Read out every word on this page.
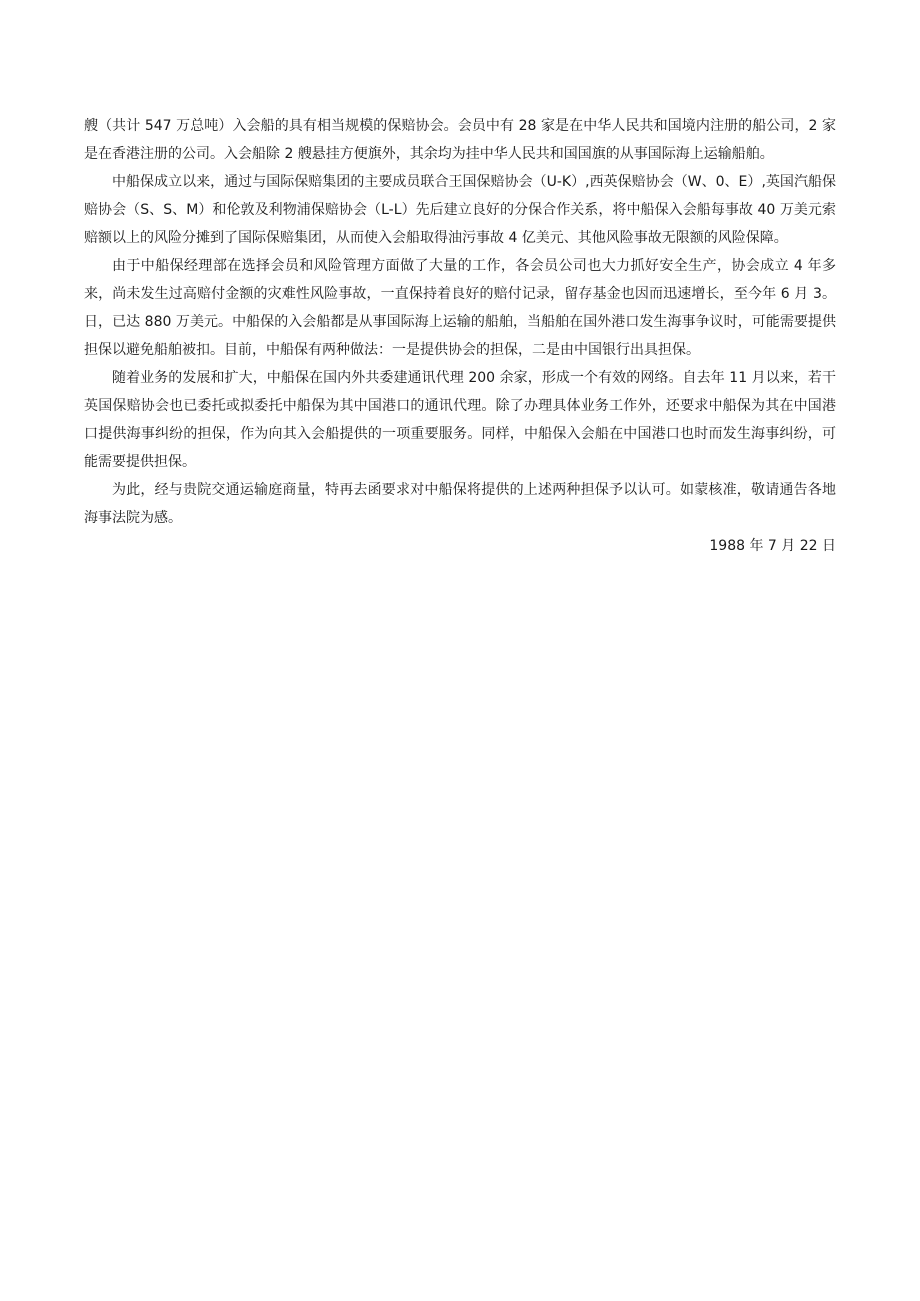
艘（共计 547 万总吨）入会船的具有相当规模的保赔协会。会员中有 28 家是在中华人民共和国境内注册的船公司，2 家是在香港注册的公司。入会船除 2 艘悬挂方便旗外，其余均为挂中华人民共和国国旗的从事国际海上运输船舶。

中船保成立以来，通过与国际保赔集团的主要成员联合王国保赔协会（U-K）,西英保赔协会（W、0、E）,英国汽船保赔协会（S、S、M）和伦敦及利物浦保赔协会（L-L）先后建立良好的分保合作关系，将中船保入会船每事故 40 万美元索赔额以上的风险分摊到了国际保赔集团，从而使入会船取得油污事故 4 亿美元、其他风险事故无限额的风险保障。

由于中船保经理部在选择会员和风险管理方面做了大量的工作，各会员公司也大力抓好安全生产，协会成立 4 年多来，尚未发生过高赔付金额的灾难性风险事故，一直保持着良好的赔付记录，留存基金也因而迅速增长，至今年 6 月 3。日，已达 880 万美元。中船保的入会船都是从事国际海上运输的船舶，当船舶在国外港口发生海事争议时，可能需要提供担保以避免船舶被扣。目前，中船保有两种做法：一是提供协会的担保，二是由中国银行出具担保。

随着业务的发展和扩大，中船保在国内外共委建通讯代理 200 余家，形成一个有效的网络。自去年 11 月以来，若干英国保赔协会也已委托或拟委托中船保为其中国港口的通讯代理。除了办理具体业务工作外，还要求中船保为其在中国港口提供海事纠纷的担保，作为向其入会船提供的一项重要服务。同样，中船保入会船在中国港口也时而发生海事纠纷，可能需要提供担保。

为此，经与贵院交通运输庭商量，特再去函要求对中船保将提供的上述两种担保予以认可。如蒙核准，敬请通告各地海事法院为感。

1988 年 7 月 22 日
